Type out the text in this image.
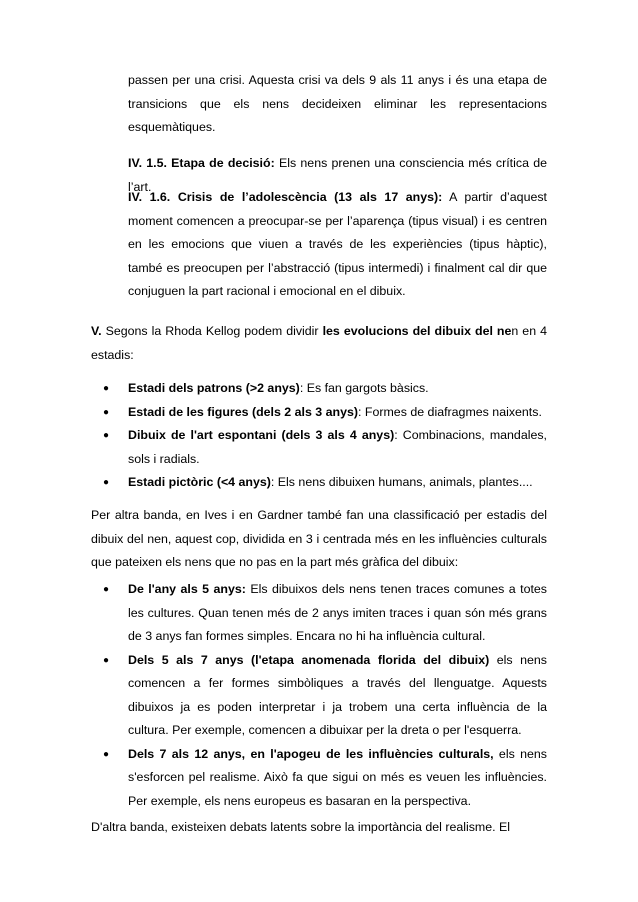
passen per una crisi. Aquesta crisi va dels 9 als 11 anys i és una etapa de transicions que els nens decideixen eliminar les representacions esquemàtiques.

IV. 1.5. Etapa de decisió: Els nens prenen una consciencia més crítica de l’art.

IV. 1.6. Crisis de l’adolescència (13 als 17 anys): A partir d’aquest moment comencen a preocupar-se per l’aparença (tipus visual) i es centren en les emocions que viuen a través de les experiències (tipus hàptic), també es preocupen per l’abstracció (tipus intermedi) i finalment cal dir que conjuguen la part racional i emocional en el dibuix.

V. Segons la Rhoda Kellog podem dividir les evolucions del dibuix del nen en 4 estadis:

● Estadi dels patrons (>2 anys): Es fan gargots bàsics.
● Estadi de les figures (dels 2 als 3 anys): Formes de diafragmes naixents.
● Dibuix de l'art espontani (dels 3 als 4 anys): Combinacions, mandales, sols i radials.
● Estadi pictòric (<4 anys): Els nens dibuixen humans, animals, plantes....

Per altra banda, en Ives i en Gardner també fan una classificació per estadis del dibuix del nen, aquest cop, dividida en 3 i centrada més en les influències culturals que pateixen els nens que no pas en la part més gràfica del dibuix:

● De l'any als 5 anys: Els dibuixos dels nens tenen traces comunes a totes les cultures. Quan tenen més de 2 anys imiten traces i quan són més grans de 3 anys fan formes simples. Encara no hi ha influència cultural.
● Dels 5 als 7 anys (l'etapa anomenada florida del dibuix) els nens comencen a fer formes simbòliques a través del llenguatge. Aquests dibuixos ja es poden interpretar i ja trobem una certa influència de la cultura. Per exemple, comencen a dibuixar per la dreta o per l'esquerra.
● Dels 7 als 12 anys, en l'apogeu de les influències culturals, els nens s'esforcen pel realisme. Això fa que sigui on més es veuen les influències. Per exemple, els nens europeus es basaran en la perspectiva.

D'altra banda, existeixen debats latents sobre la importància del realisme. El
